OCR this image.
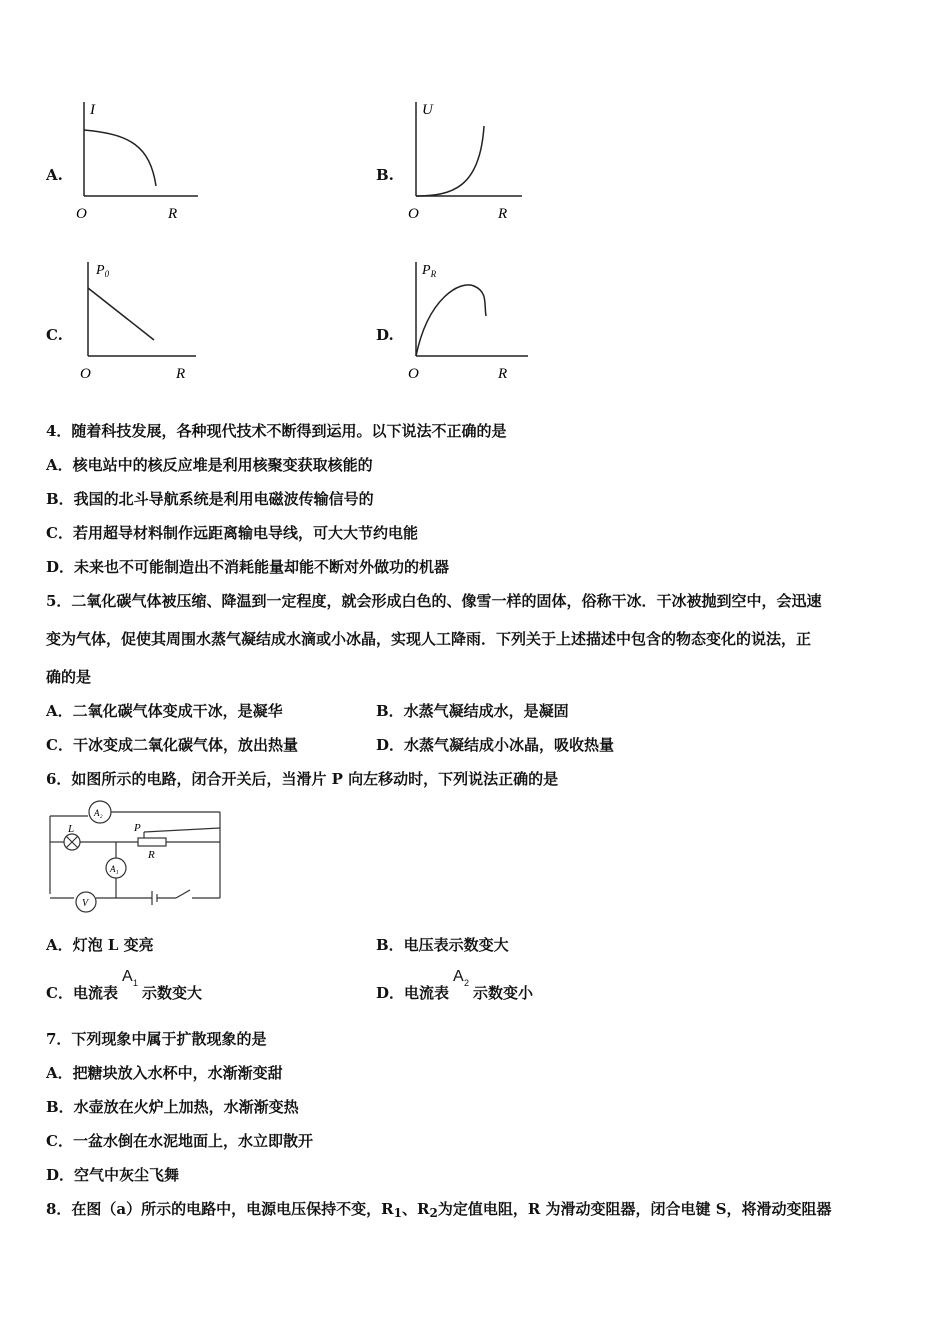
A.
I
O	R
B.
U
O	R
C.
$P_0$
O	R
D.
$P_R$
O	R
4．随着科技发展，各种现代技术不断得到运用。以下说法不正确的是
A．核电站中的核反应堆是利用核聚变获取核能的
B．我国的北斗导航系统是利用电磁波传输信号的
C．若用超导材料制作远距离输电导线，可大大节约电能
D．未来也不可能制造出不消耗能量却能不断对外做功的机器
5．二氧化碳气体被压缩、降温到一定程度，就会形成白色的、像雪一样的固体，俗称干冰．干冰被抛到空中，会迅速
变为气体，促使其周围水蒸气凝结成水滴或小冰晶，实现人工降雨．下列关于上述描述中包含的物态变化的说法，正
确的是
A．二氧化碳气体变成干冰，是凝华	B．水蒸气凝结成水，是凝固
C．干冰变成二氧化碳气体，放出热量	D．水蒸气凝结成小冰晶，吸收热量
6．如图所示的电路，闭合开关后，当滑片 P 向左移动时，下列说法正确的是
A₂
A₁
V
L	P
R
A．灯泡 L 变亮	B．电压表示数变大
C．电流表
A 1
示数变大	D．电流表
A 2
示数变小
7．下列现象中属于扩散现象的是
A．把糖块放入水杯中，水渐渐变甜
B．水壶放在火炉上加热，水渐渐变热
C．一盆水倒在水泥地面上，水立即散开
D．空气中灰尘飞舞
8．在图（a）所示的电路中，电源电压保持不变，$R_1$、$R_2$为定值电阻，R 为滑动变阻器，闭合电键 S，将滑动变阻器
